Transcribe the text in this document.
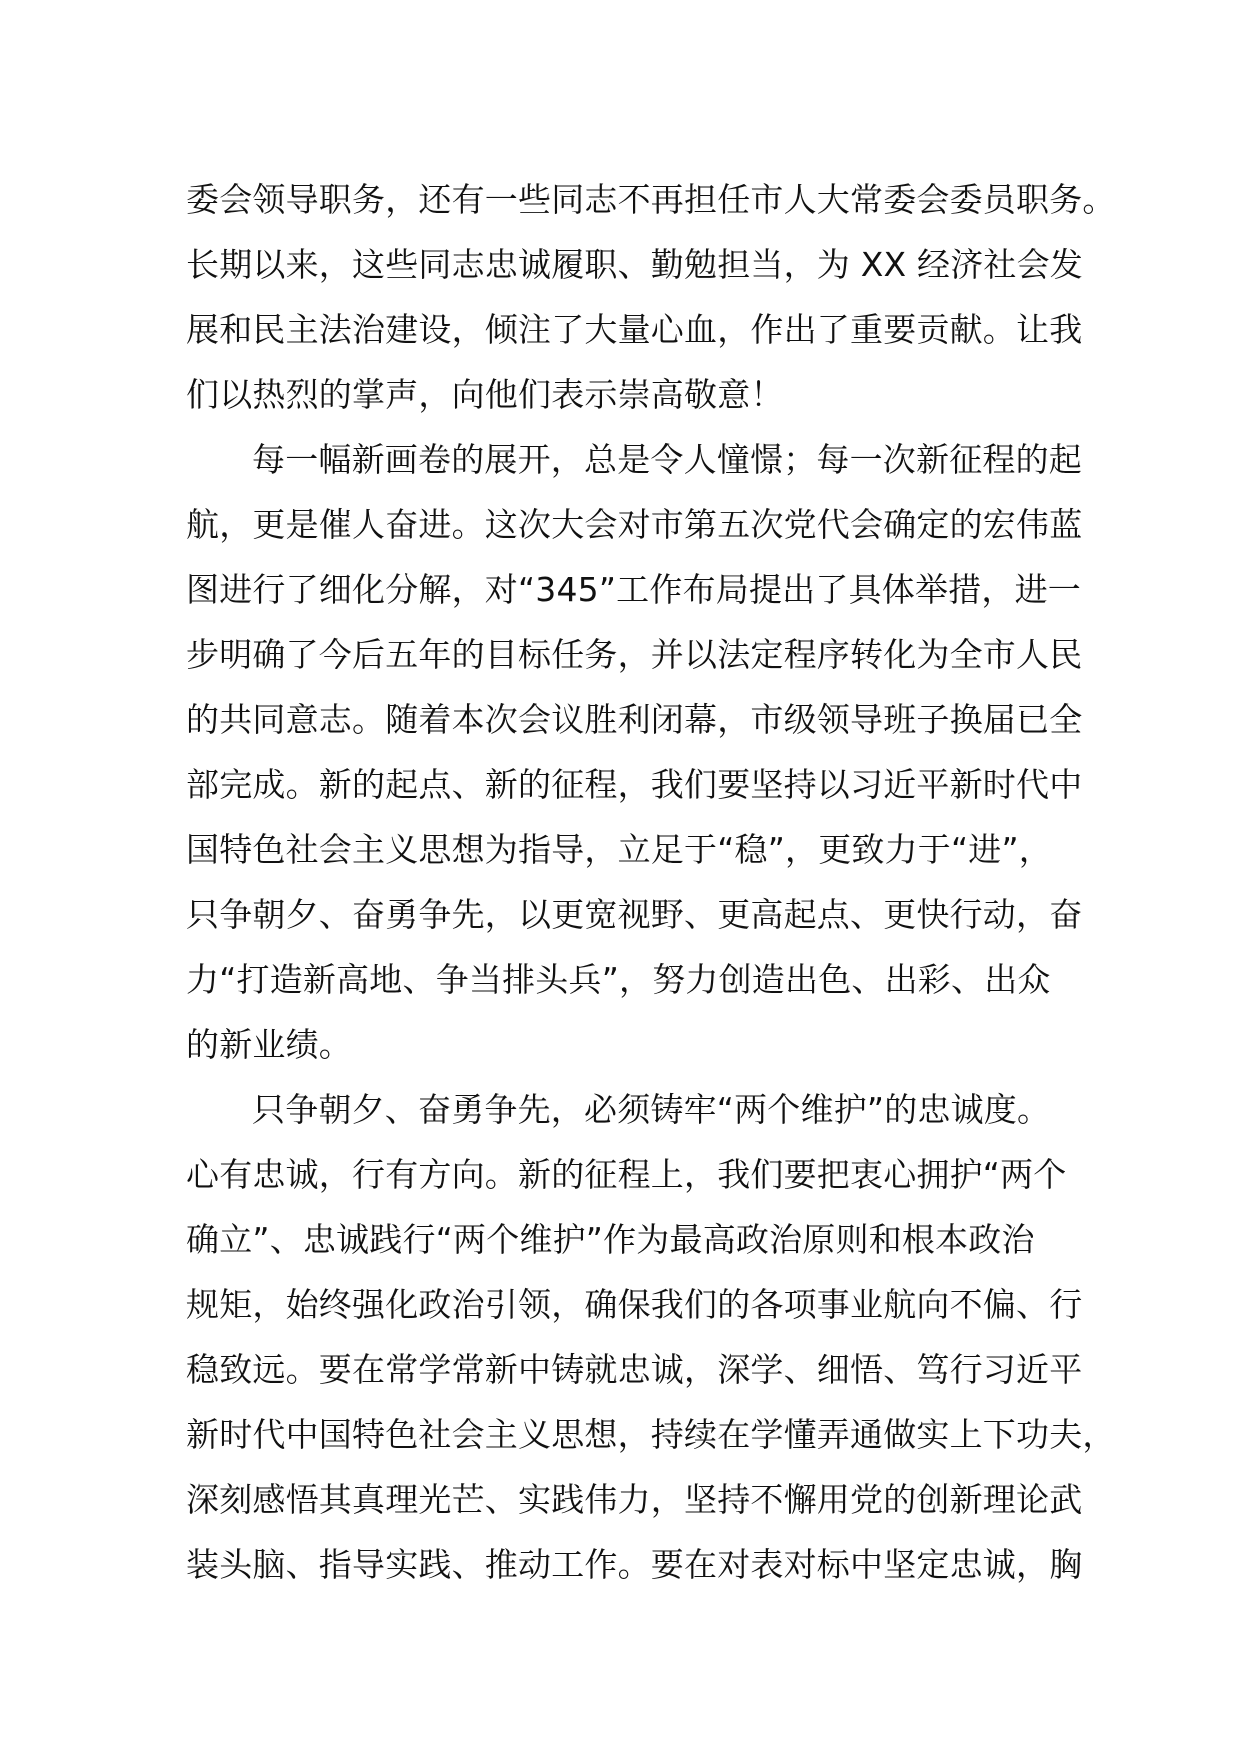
委会领导职务，还有一些同志不再担任市人大常委会委员职务。
长期以来，这些同志忠诚履职、勤勉担当，为 XX 经济社会发
展和民主法治建设，倾注了大量心血，作出了重要贡献。让我
们以热烈的掌声，向他们表示崇高敬意！
每一幅新画卷的展开，总是令人憧憬；每一次新征程的起
航，更是催人奋进。这次大会对市第五次党代会确定的宏伟蓝
图进行了细化分解，对“345”工作布局提出了具体举措，进一
步明确了今后五年的目标任务，并以法定程序转化为全市人民
的共同意志。随着本次会议胜利闭幕，市级领导班子换届已全
部完成。新的起点、新的征程，我们要坚持以习近平新时代中
国特色社会主义思想为指导，立足于“稳”，更致力于“进”，
只争朝夕、奋勇争先，以更宽视野、更高起点、更快行动，奋
力“打造新高地、争当排头兵”，努力创造出色、出彩、出众
的新业绩。
只争朝夕、奋勇争先，必须铸牢“两个维护”的忠诚度。
心有忠诚，行有方向。新的征程上，我们要把衷心拥护“两个
确立”、忠诚践行“两个维护”作为最高政治原则和根本政治
规矩，始终强化政治引领，确保我们的各项事业航向不偏、行
稳致远。要在常学常新中铸就忠诚，深学、细悟、笃行习近平
新时代中国特色社会主义思想，持续在学懂弄通做实上下功夫，
深刻感悟其真理光芒、实践伟力，坚持不懈用党的创新理论武
装头脑、指导实践、推动工作。要在对表对标中坚定忠诚，胸
